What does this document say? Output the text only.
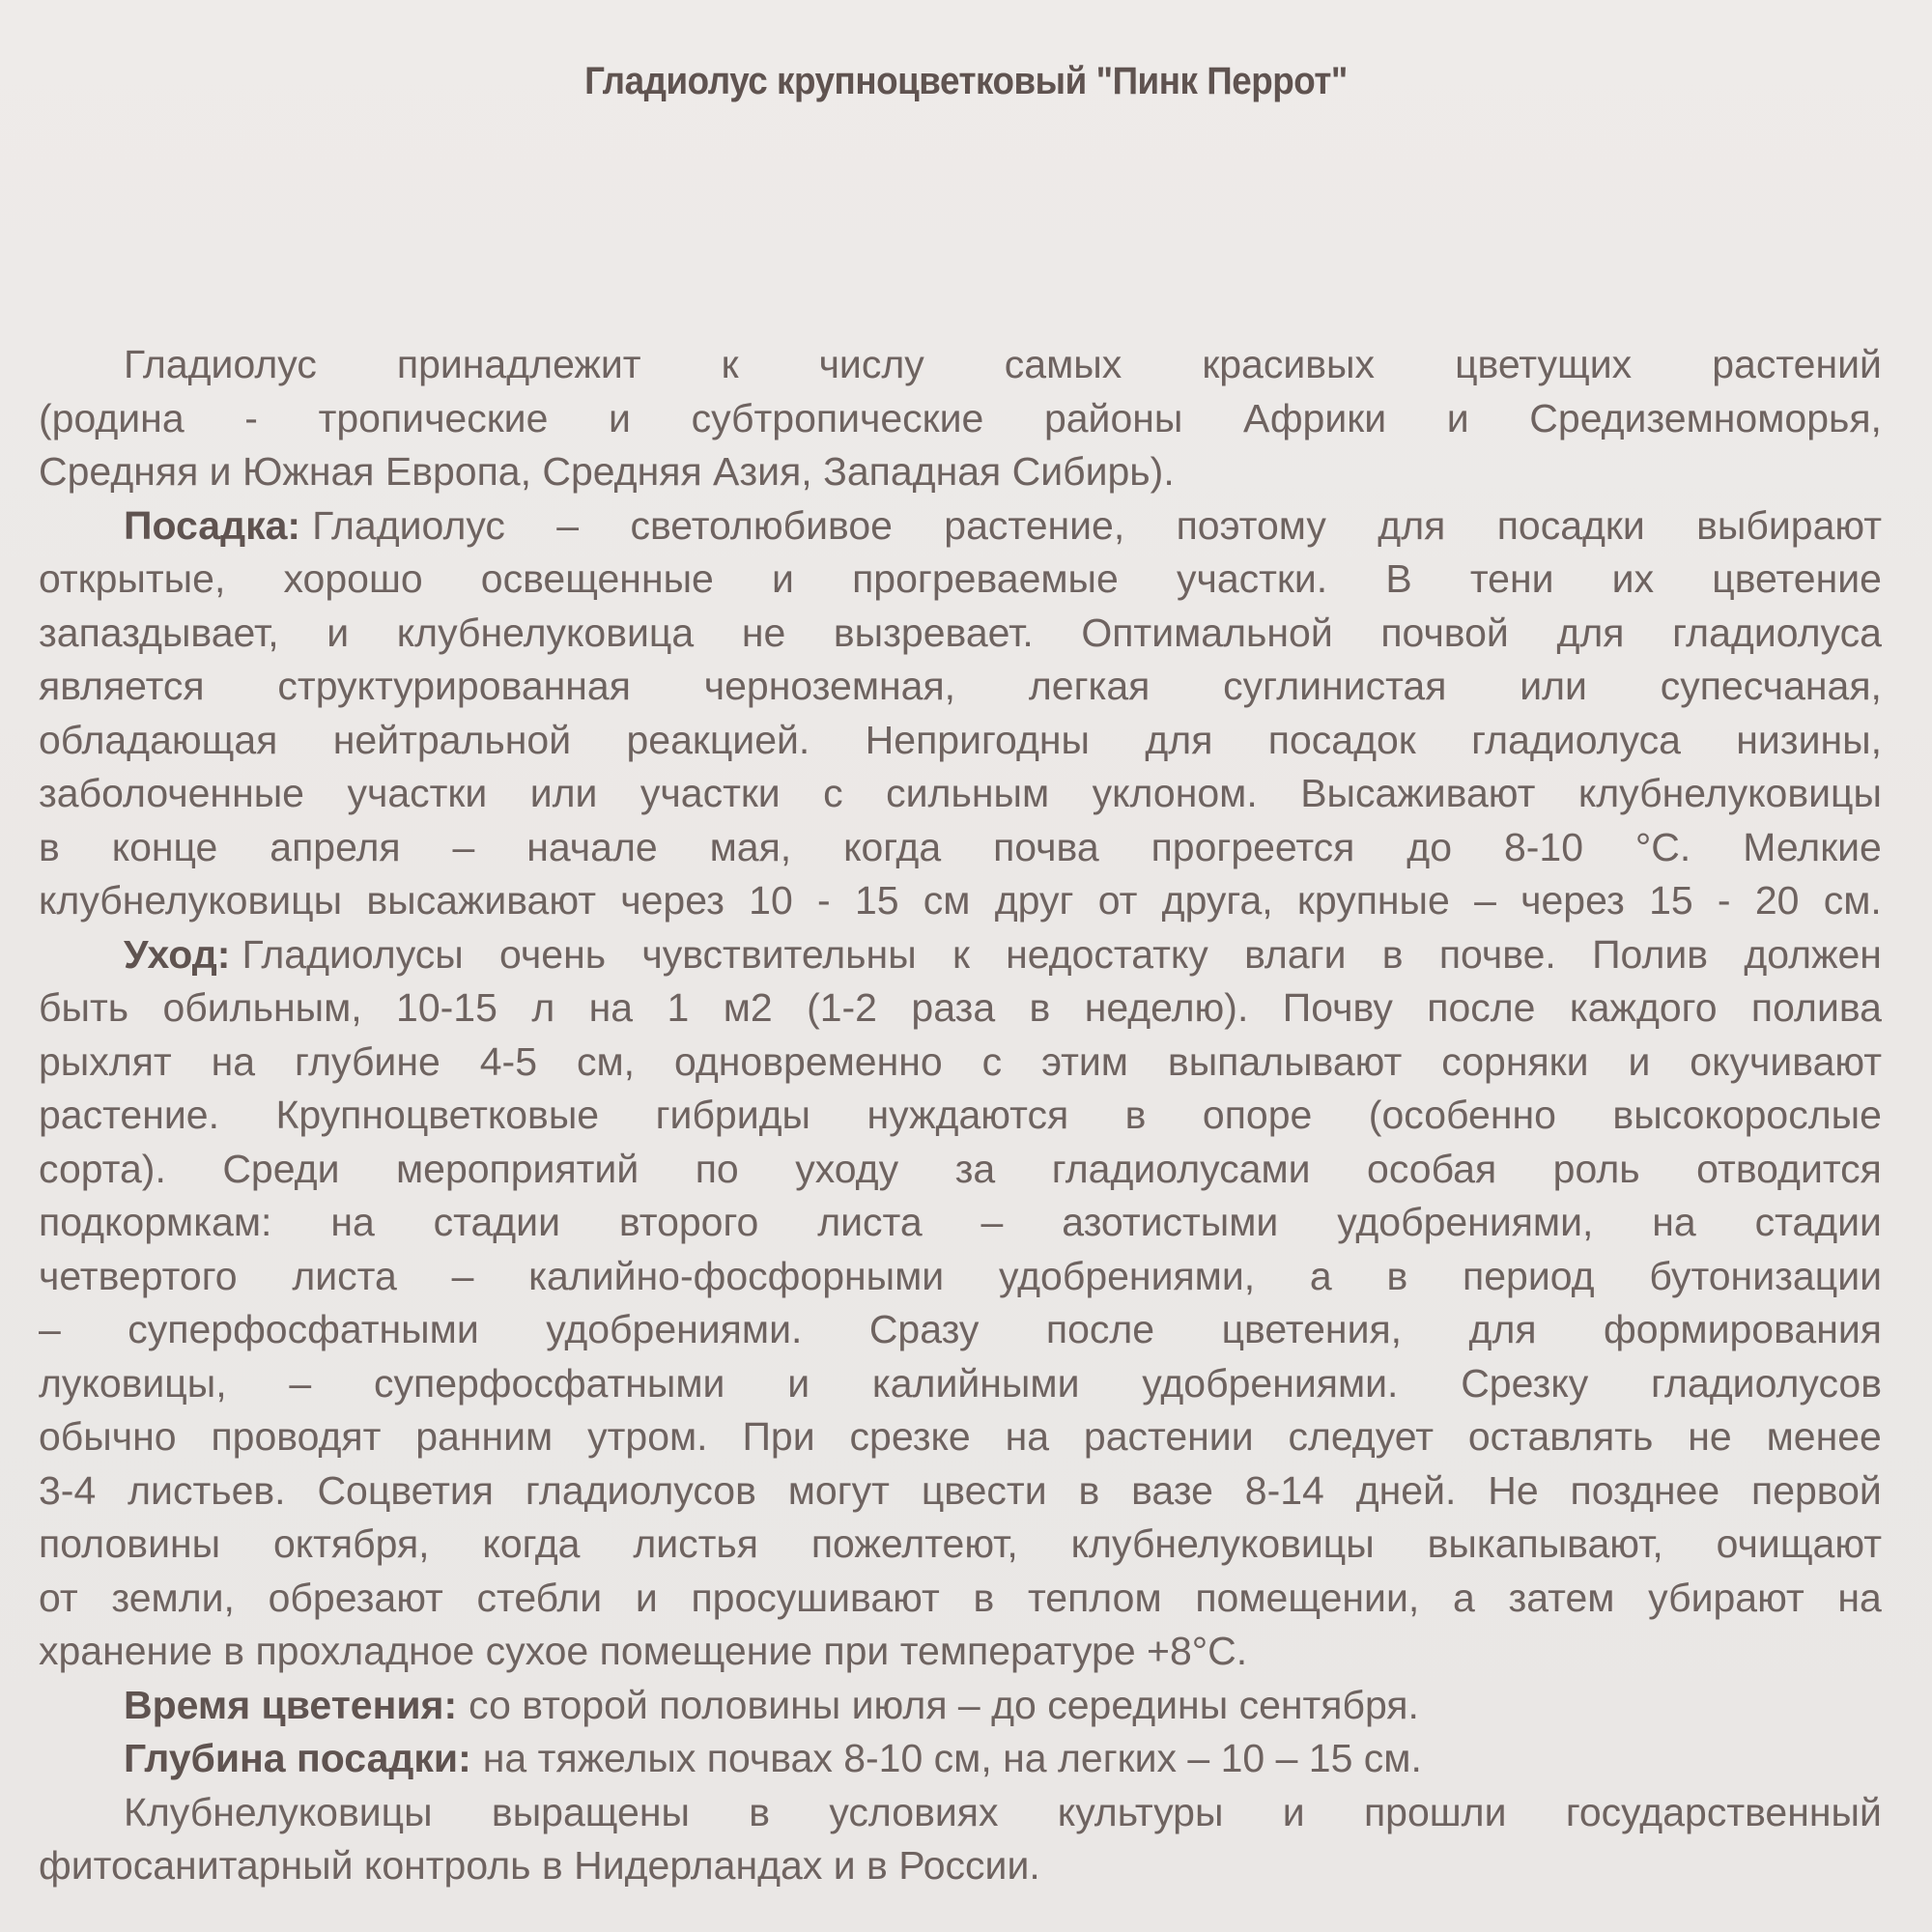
Гладиолус крупноцветковый "Пинк Перрот"
Гладиолус принадлежит к числу самых красивых цветущих растений
(родина - тропические и субтропические районы Африки и Средиземноморья,
Средняя и Южная Европа, Средняя Азия, Западная Сибирь).
Посадка: Гладиолус – светолюбивое растение, поэтому для посадки выбирают
открытые, хорошо освещенные и прогреваемые участки. В тени их цветение
запаздывает, и клубнелуковица не вызревает. Оптимальной почвой для гладиолуса
является структурированная черноземная, легкая суглинистая или супесчаная,
обладающая нейтральной реакцией. Непригодны для посадок гладиолуса низины,
заболоченные участки или участки с сильным уклоном. Высаживают клубнелуковицы
в конце апреля – начале мая, когда почва прогреется до 8-10 °С. Мелкие
клубнелуковицы высаживают через 10 - 15 см друг от друга, крупные – через 15 - 20 см.
Уход: Гладиолусы очень чувствительны к недостатку влаги в почве. Полив должен
быть обильным, 10-15 л на 1 м2 (1-2 раза в неделю). Почву после каждого полива
рыхлят на глубине 4-5 см, одновременно с этим выпалывают сорняки и окучивают
растение. Крупноцветковые гибриды нуждаются в опоре (особенно высокорослые
сорта). Среди мероприятий по уходу за гладиолусами особая роль отводится
подкормкам: на стадии второго листа – азотистыми удобрениями, на стадии
четвертого листа – калийно-фосфорными удобрениями, а в период бутонизации
– суперфосфатными удобрениями. Сразу после цветения, для формирования
луковицы, – суперфосфатными и калийными удобрениями. Срезку гладиолусов
обычно проводят ранним утром. При срезке на растении следует оставлять не менее
3-4 листьев. Соцветия гладиолусов могут цвести в вазе 8-14 дней. Не позднее первой
половины октября, когда листья пожелтеют, клубнелуковицы выкапывают, очищают
от земли, обрезают стебли и просушивают в теплом помещении, а затем убирают на
хранение в прохладное сухое помещение при температуре +8°С.
Время цветения: со второй половины июля – до середины сентября.
Глубина посадки: на тяжелых почвах 8-10 см, на легких – 10 – 15 см.
Клубнелуковицы выращены в условиях культуры и прошли государственный
фитосанитарный контроль в Нидерландах и в России.
